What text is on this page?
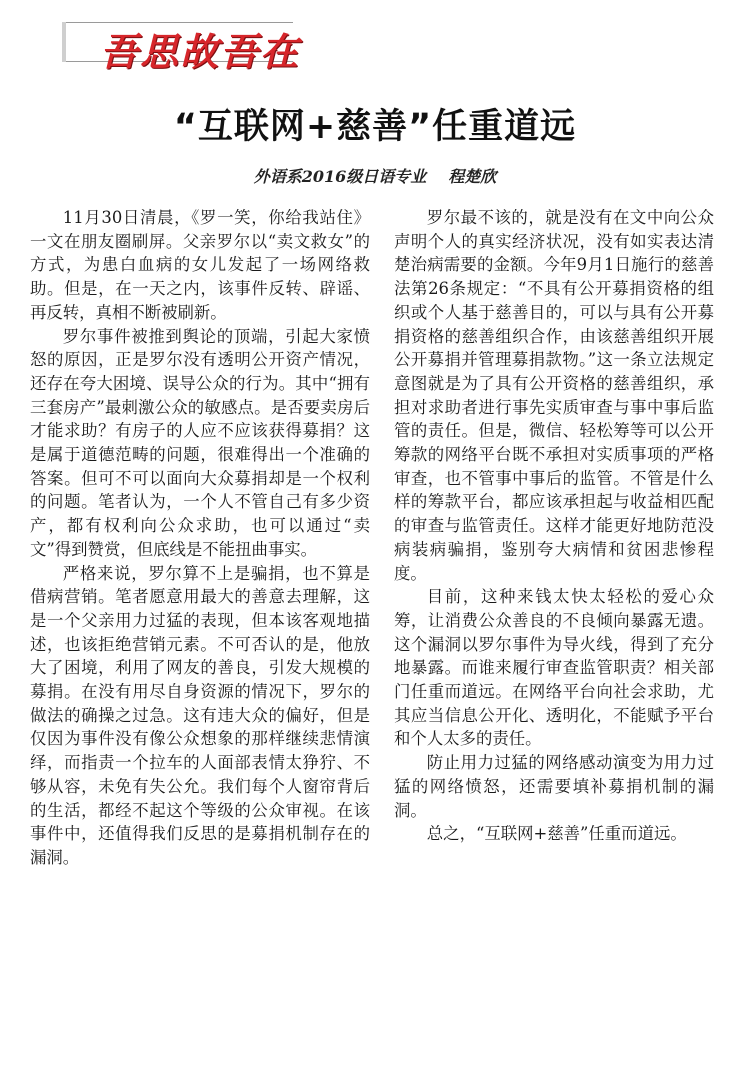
吾思故吾在
“互联网+慈善”任重道远
外语系2016级日语专业 程楚欣

11月30日清晨，《罗一笑，你给我站住》一文在朋友圈刷屏。父亲罗尔以“卖文救女”的方式，为患白血病的女儿发起了一场网络救助。但是，在一天之内，该事件反转、辟谣、再反转，真相不断被刷新。

罗尔事件被推到舆论的顶端，引起大家愤怒的原因，正是罗尔没有透明公开资产情况，还存在夸大困境、误导公众的行为。其中“拥有三套房产”最刺激公众的敏感点。是否要卖房后才能求助？有房子的人应不应该获得募捐？这是属于道德范畴的问题，很难得出一个准确的答案。但可不可以面向大众募捐却是一个权利的问题。笔者认为，一个人不管自己有多少资产，都有权利向公众求助，也可以通过“卖文”得到赞赏，但底线是不能扭曲事实。

严格来说，罗尔算不上是骗捐，也不算是借病营销。笔者愿意用最大的善意去理解，这是一个父亲用力过猛的表现，但本该客观地描述，也该拒绝营销元素。不可否认的是，他放大了困境，利用了网友的善良，引发大规模的募捐。在没有用尽自身资源的情况下，罗尔的做法的确操之过急。这有违大众的偏好，但是仅因为事件没有像公众想象的那样继续悲情演绎，而指责一个拉车的人面部表情太狰狞、不够从容，未免有失公允。我们每个人窗帘背后的生活，都经不起这个等级的公众审视。在该事件中，还值得我们反思的是募捐机制存在的漏洞。

罗尔最不该的，就是没有在文中向公众声明个人的真实经济状况，没有如实表达清楚治病需要的金额。今年9月1日施行的慈善法第26条规定：“不具有公开募捐资格的组织或个人基于慈善目的，可以与具有公开募捐资格的慈善组织合作，由该慈善组织开展公开募捐并管理募捐款物。”这一条立法规定意图就是为了具有公开资格的慈善组织，承担对求助者进行事先实质审查与事中事后监管的责任。但是，微信、轻松筹等可以公开筹款的网络平台既不承担对实质事项的严格审查，也不管事中事后的监管。不管是什么样的筹款平台，都应该承担起与收益相匹配的审查与监管责任。这样才能更好地防范没病装病骗捐，鉴别夸大病情和贫困悲惨程度。

目前，这种来钱太快太轻松的爱心众筹，让消费公众善良的不良倾向暴露无遗。这个漏洞以罗尔事件为导火线，得到了充分地暴露。而谁来履行审查监管职责？相关部门任重而道远。在网络平台向社会求助，尤其应当信息公开化、透明化，不能赋予平台和个人太多的责任。

防止用力过猛的网络感动演变为用力过猛的网络愤怒，还需要填补募捐机制的漏洞。

总之，“互联网+慈善”任重而道远。
